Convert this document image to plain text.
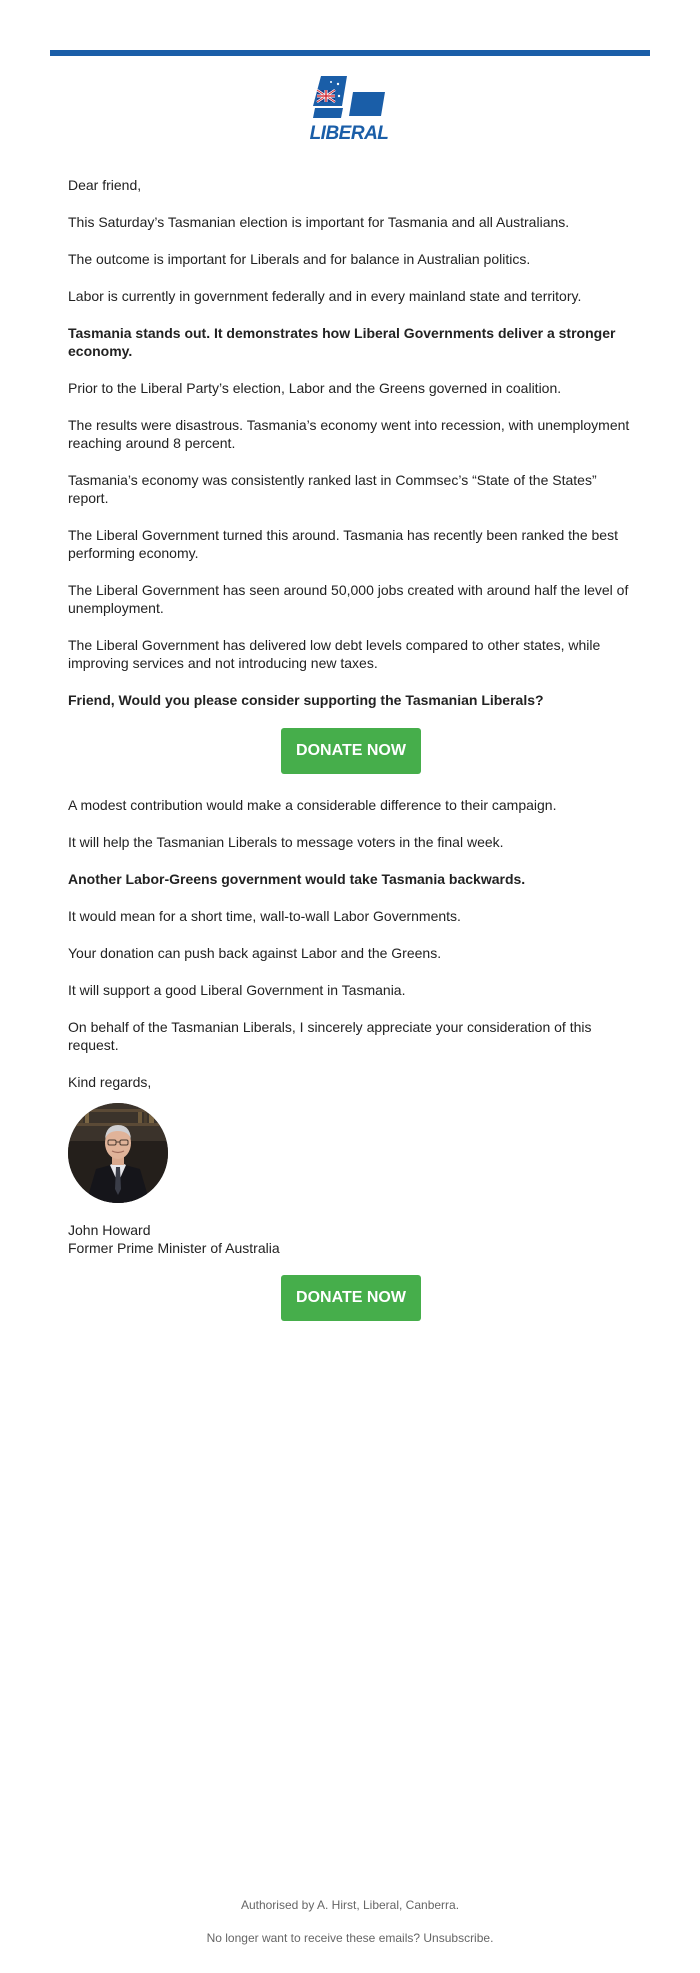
LIBERAL

Dear friend,

This Saturday’s Tasmanian election is important for Tasmania and all Australians.

The outcome is important for Liberals and for balance in Australian politics.

Labor is currently in government federally and in every mainland state and territory.

Tasmania stands out. It demonstrates how Liberal Governments deliver a stronger economy.

Prior to the Liberal Party’s election, Labor and the Greens governed in coalition.

The results were disastrous. Tasmania’s economy went into recession, with unemployment reaching around 8 percent.

Tasmania’s economy was consistently ranked last in Commsec’s “State of the States” report.

The Liberal Government turned this around. Tasmania has recently been ranked the best performing economy.

The Liberal Government has seen around 50,000 jobs created with around half the level of unemployment.

The Liberal Government has delivered low debt levels compared to other states, while improving services and not introducing new taxes.

Friend, Would you please consider supporting the Tasmanian Liberals?

DONATE NOW

A modest contribution would make a considerable difference to their campaign.

It will help the Tasmanian Liberals to message voters in the final week.

Another Labor-Greens government would take Tasmania backwards.

It would mean for a short time, wall-to-wall Labor Governments.

Your donation can push back against Labor and the Greens.

It will support a good Liberal Government in Tasmania.

On behalf of the Tasmanian Liberals, I sincerely appreciate your consideration of this request.

Kind regards,

John Howard

Former Prime Minister of Australia

DONATE NOW
Authorised by A. Hirst, Liberal, Canberra.
No longer want to receive these emails? Unsubscribe.
